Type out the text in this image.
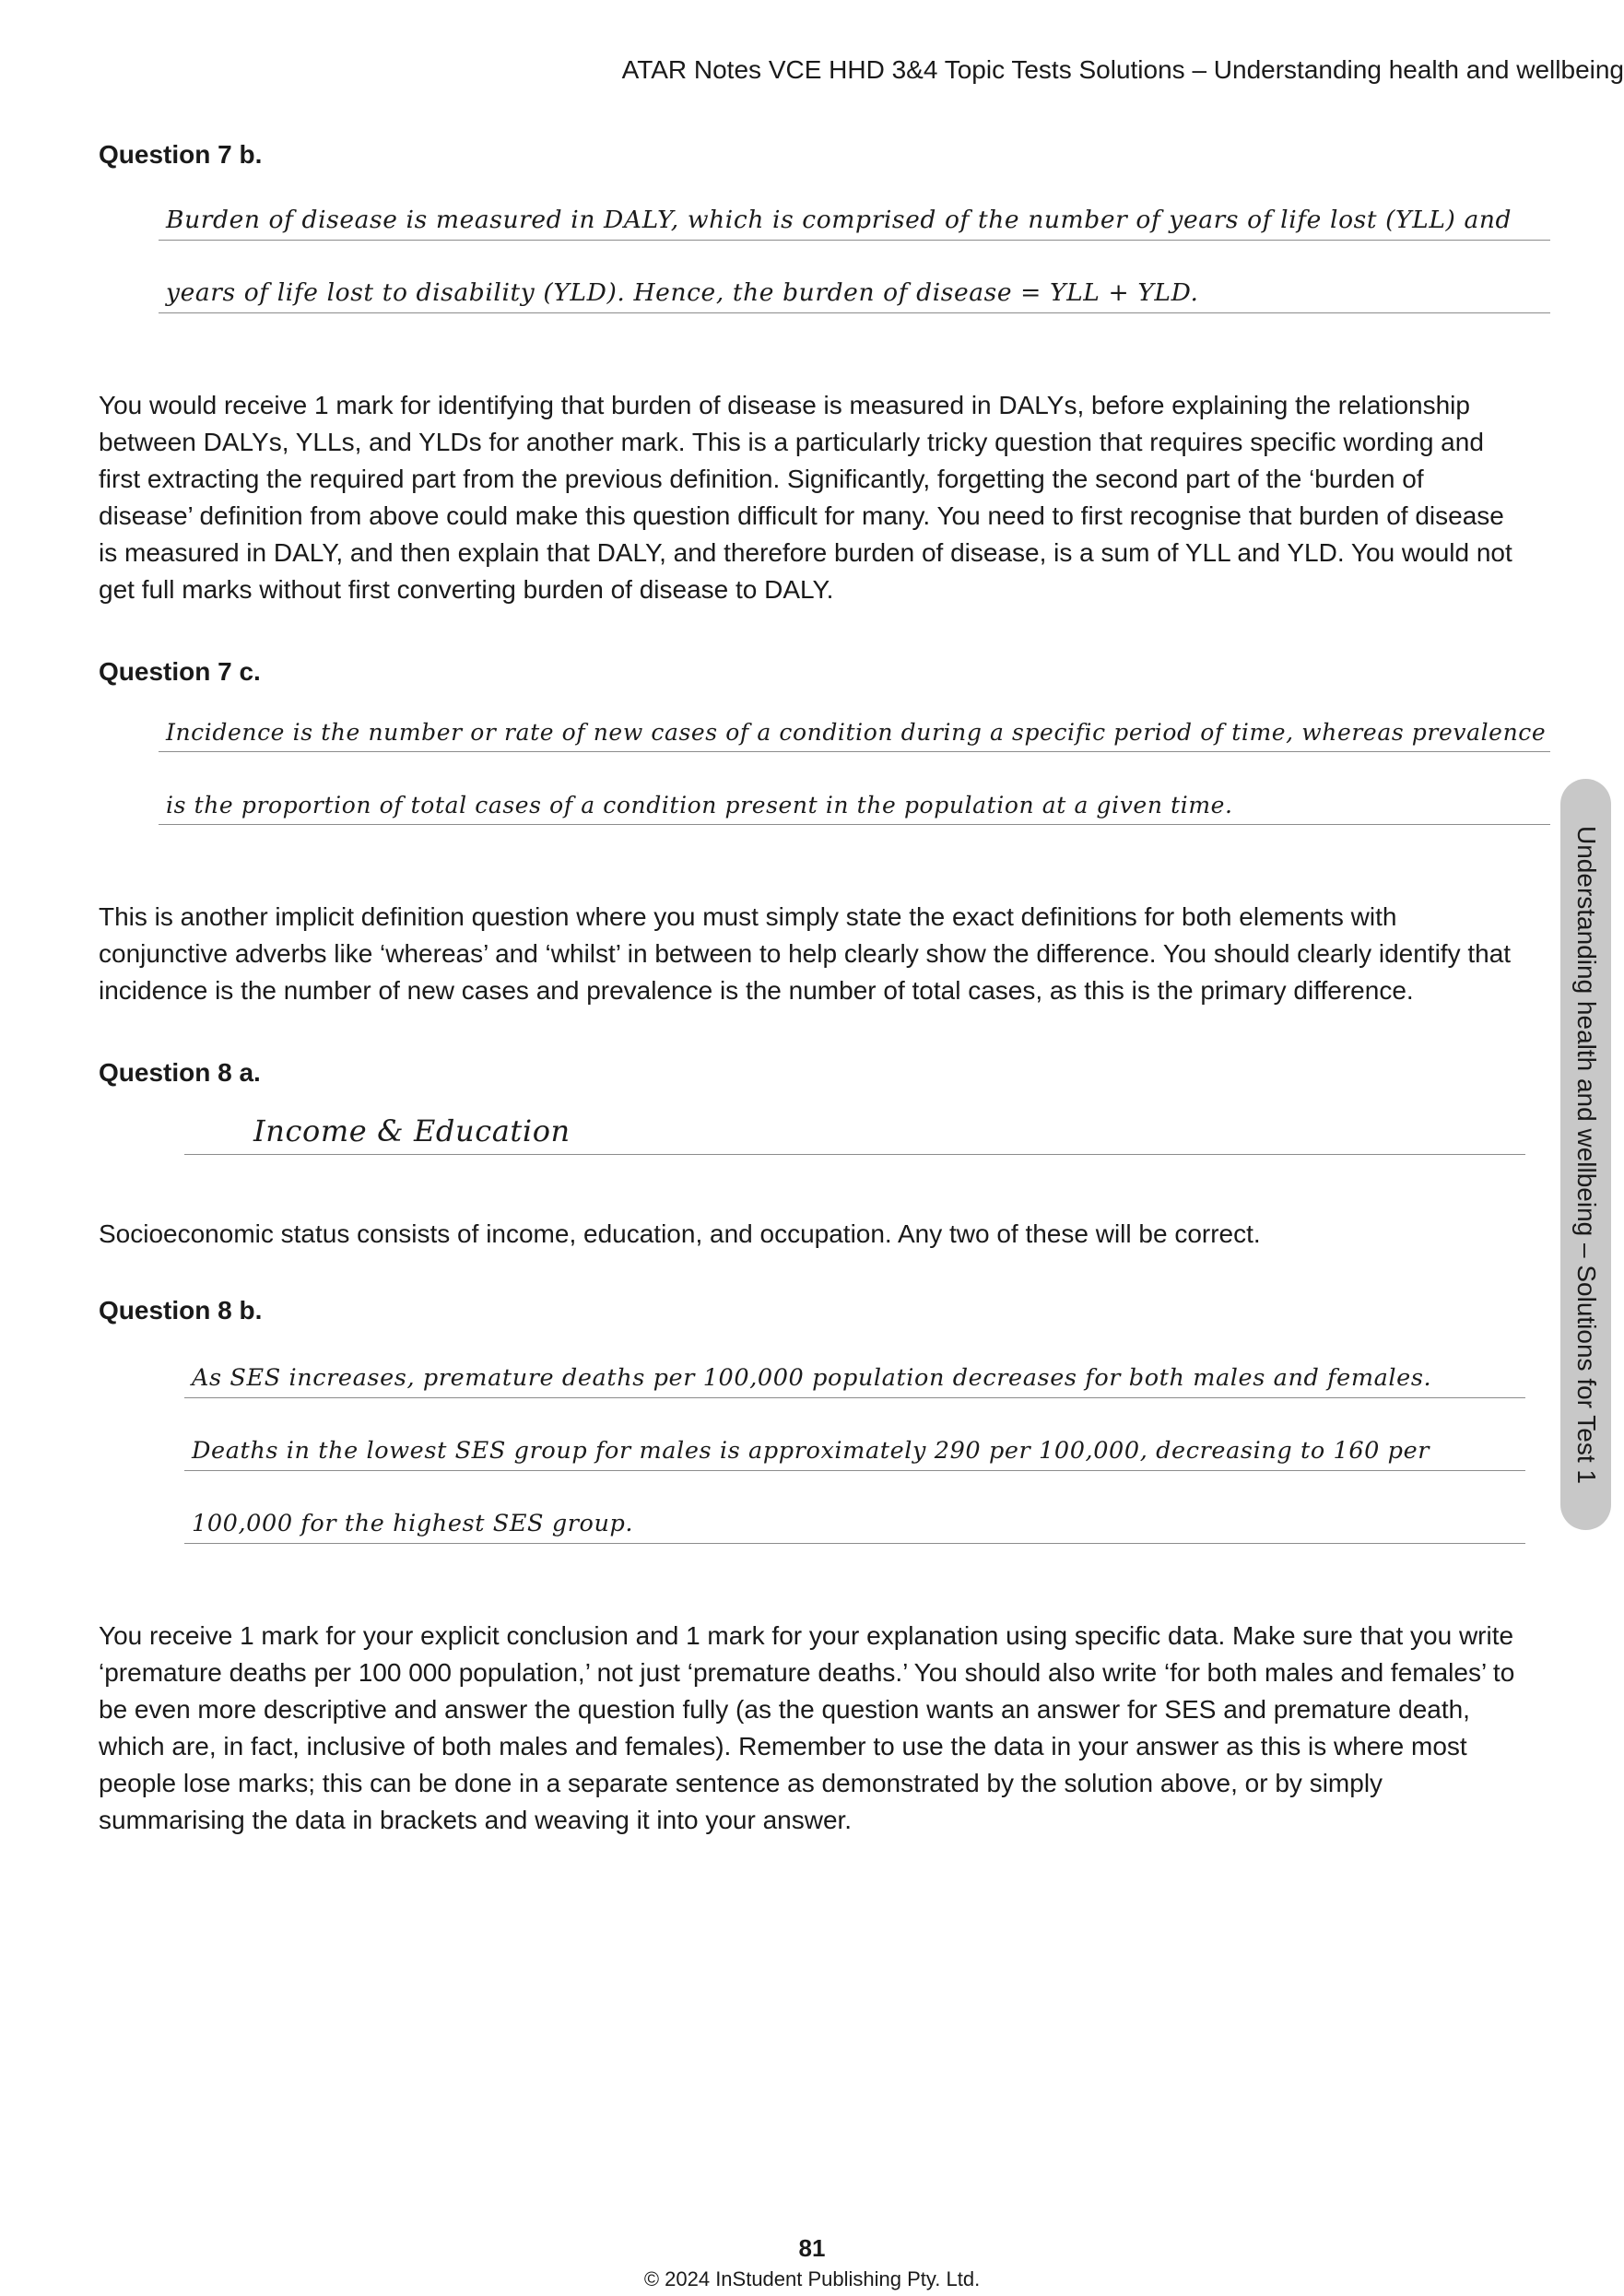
ATAR Notes VCE HHD 3&4 Topic Tests Solutions – Understanding health and wellbeing
Question 7 b.
Burden of disease is measured in DALY, which is comprised of the number of years of life lost (YLL) and
years of life lost to disability (YLD). Hence, the burden of disease = YLL + YLD.

You would receive 1 mark for identifying that burden of disease is measured in DALYs, before explaining the relationship between DALYs, YLLs, and YLDs for another mark. This is a particularly tricky question that requires specific wording and first extracting the required part from the previous definition. Significantly, forgetting the second part of the ‘burden of disease’ definition from above could make this question difficult for many. You need to first recognise that burden of disease is measured in DALY, and then explain that DALY, and therefore burden of disease, is a sum of YLL and YLD. You would not get full marks without first converting burden of disease to DALY.

Question 7 c.
Incidence is the number or rate of new cases of a condition during a specific period of time, whereas prevalence
is the proportion of total cases of a condition present in the population at a given time.

This is another implicit definition question where you must simply state the exact definitions for both elements with conjunctive adverbs like ‘whereas’ and ‘whilst’ in between to help clearly show the difference. You should clearly identify that incidence is the number of new cases and prevalence is the number of total cases, as this is the primary difference.

Question 8 a.
Income & Education

Socioeconomic status consists of income, education, and occupation. Any two of these will be correct.

Question 8 b.
As SES increases, premature deaths per 100,000 population decreases for both males and females.
Deaths in the lowest SES group for males is approximately 290 per 100,000, decreasing to 160 per
100,000 for the highest SES group.

You receive 1 mark for your explicit conclusion and 1 mark for your explanation using specific data. Make sure that you write ‘premature deaths per 100 000 population,’ not just ‘premature deaths.’ You should also write ‘for both males and females’ to be even more descriptive and answer the question fully (as the question wants an answer for SES and premature death, which are, in fact, inclusive of both males and females). Remember to use the data in your answer as this is where most people lose marks; this can be done in a separate sentence as demonstrated by the solution above, or by simply summarising the data in brackets and weaving it into your answer.

Understanding health and wellbeing – Solutions for Test 1
81
© 2024 InStudent Publishing Pty. Ltd.
